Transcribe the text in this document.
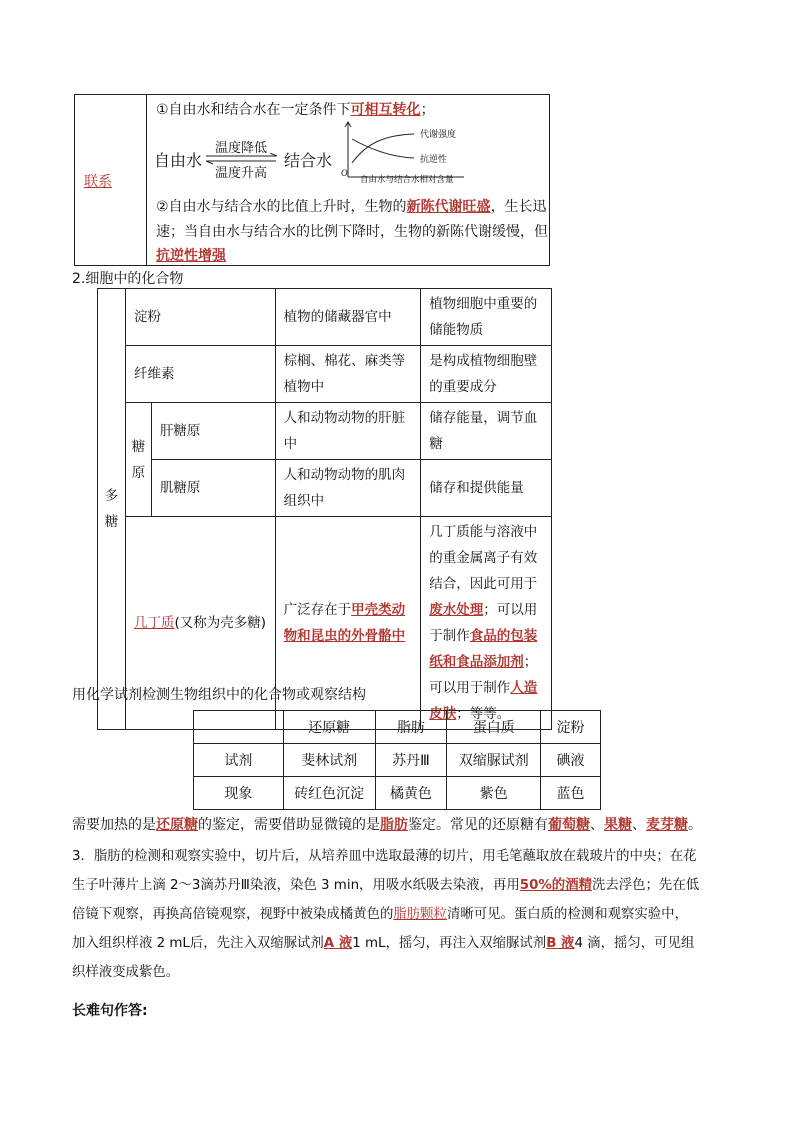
联系
①自由水和结合水在一定条件下可相互转化；
自由水
温度降低
温度升高
结合水
代谢强度
抗逆性
O
自由水与结合水相对含量
②自由水与结合水的比值上升时，生物的新陈代谢旺盛，生长迅
速；当自由水与结合水的比例下降时，生物的新陈代谢缓慢，但
抗逆性增强
2.细胞中的化合物
多糖	淀粉		植物的储藏器官中	植物细胞中重要的储能物质
	纤维素		棕榈、棉花、麻类等植物中	是构成植物细胞壁的重要成分
	糖原	肝糖原	人和动物动物的肝脏中	储存能量，调节血糖
		肌糖原	人和动物动物的肌肉组织中	储存和提供能量
	几丁质(又称为壳多糖)		广泛存在于甲壳类动物和昆虫的外骨骼中	几丁质能与溶液中的重金属离子有效结合，因此可用于废水处理；可以用于制作食品的包装纸和食品添加剂；可以用于制作人造皮肤；等等。
用化学试剂检测生物组织中的化合物或观察结构
	还原糖	脂肪	蛋白质	淀粉
试剂	斐林试剂	苏丹Ⅲ	双缩脲试剂	碘液
现象	砖红色沉淀	橘黄色	紫色	蓝色
需要加热的是还原糖的鉴定，需要借助显微镜的是脂肪鉴定。常见的还原糖有葡萄糖、果糖、麦芽糖。
3．脂肪的检测和观察实验中，切片后，从培养皿中选取最薄的切片，用毛笔蘸取放在载玻片的中央；在花
生子叶薄片上滴 2～3滴苏丹Ⅲ染液，染色 3 min，用吸水纸吸去染液，再用50%的酒精洗去浮色；先在低
倍镜下观察，再换高倍镜观察，视野中被染成橘黄色的脂肪颗粒清晰可见。蛋白质的检测和观察实验中，
加入组织样液 2 mL后，先注入双缩脲试剂A 液1 mL，摇匀，再注入双缩脲试剂B 液4 滴，摇匀，可见组
织样液变成紫色。
长难句作答:
